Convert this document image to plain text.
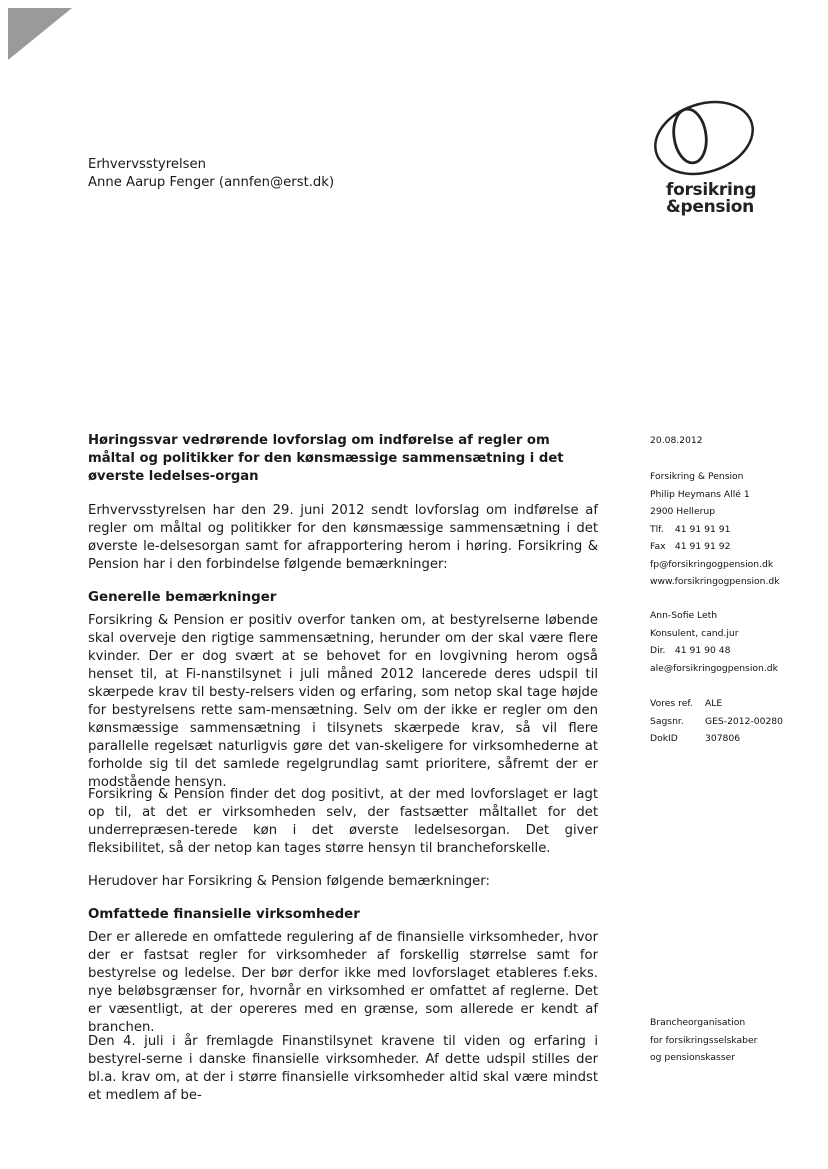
forsikring
&pension
Erhvervsstyrelsen
Anne Aarup Fenger (annfen@erst.dk)
Høringssvar vedrørende lovforslag om indførelse af regler om måltal og politikker for den kønsmæssige sammensætning i det øverste ledelses-organ
Erhvervsstyrelsen har den 29. juni 2012 sendt lovforslag om indførelse af regler om måltal og politikker for den kønsmæssige sammensætning i det øverste le-delsesorgan samt for afrapportering herom i høring. Forsikring & Pension har i den forbindelse følgende bemærkninger:
Generelle bemærkninger
Forsikring & Pension er positiv overfor tanken om, at bestyrelserne løbende skal overveje den rigtige sammensætning, herunder om der skal være flere kvinder. Der er dog svært at se behovet for en lovgivning herom også henset til, at Fi-nanstilsynet i juli måned 2012 lancerede deres udspil til skærpede krav til besty-relsers viden og erfaring, som netop skal tage højde for bestyrelsens rette sam-mensætning. Selv om der ikke er regler om den kønsmæssige sammensætning i tilsynets skærpede krav, så vil flere parallelle regelsæt naturligvis gøre det van-skeligere for virksomhederne at forholde sig til det samlede regelgrundlag samt prioritere, såfremt der er modstående hensyn.
Forsikring & Pension finder det dog positivt, at der med lovforslaget er lagt op til, at det er virksomheden selv, der fastsætter måltallet for det underrepræsen-terede køn i det øverste ledelsesorgan. Det giver fleksibilitet, så der netop kan tages større hensyn til brancheforskelle.
Herudover har Forsikring & Pension følgende bemærkninger:
Omfattede finansielle virksomheder
Der er allerede en omfattede regulering af de finansielle virksomheder, hvor der er fastsat regler for virksomheder af forskellig størrelse samt for bestyrelse og ledelse. Der bør derfor ikke med lovforslaget etableres f.eks. nye beløbsgrænser for, hvornår en virksomhed er omfattet af reglerne. Det er væsentligt, at der opereres med en grænse, som allerede er kendt af branchen.
Den 4. juli i år fremlagde Finanstilsynet kravene til viden og erfaring i bestyrel-serne i danske finansielle virksomheder. Af dette udspil stilles der bl.a. krav om, at der i større finansielle virksomheder altid skal være mindst et medlem af be-
20.08.2012
Forsikring & Pension
Philip Heymans Allé 1
2900 Hellerup
Tlf. 41 91 91 91
Fax 41 91 91 92
fp@forsikringogpension.dk
www.forsikringogpension.dk
Ann-Sofie Leth
Konsulent, cand.jur
Dir. 41 91 90 48
ale@forsikringogpension.dk
Vores ref. ALE
Sagsnr. GES-2012-00280
DokID	307806
Brancheorganisation
for forsikringsselskaber
og pensionskasser
